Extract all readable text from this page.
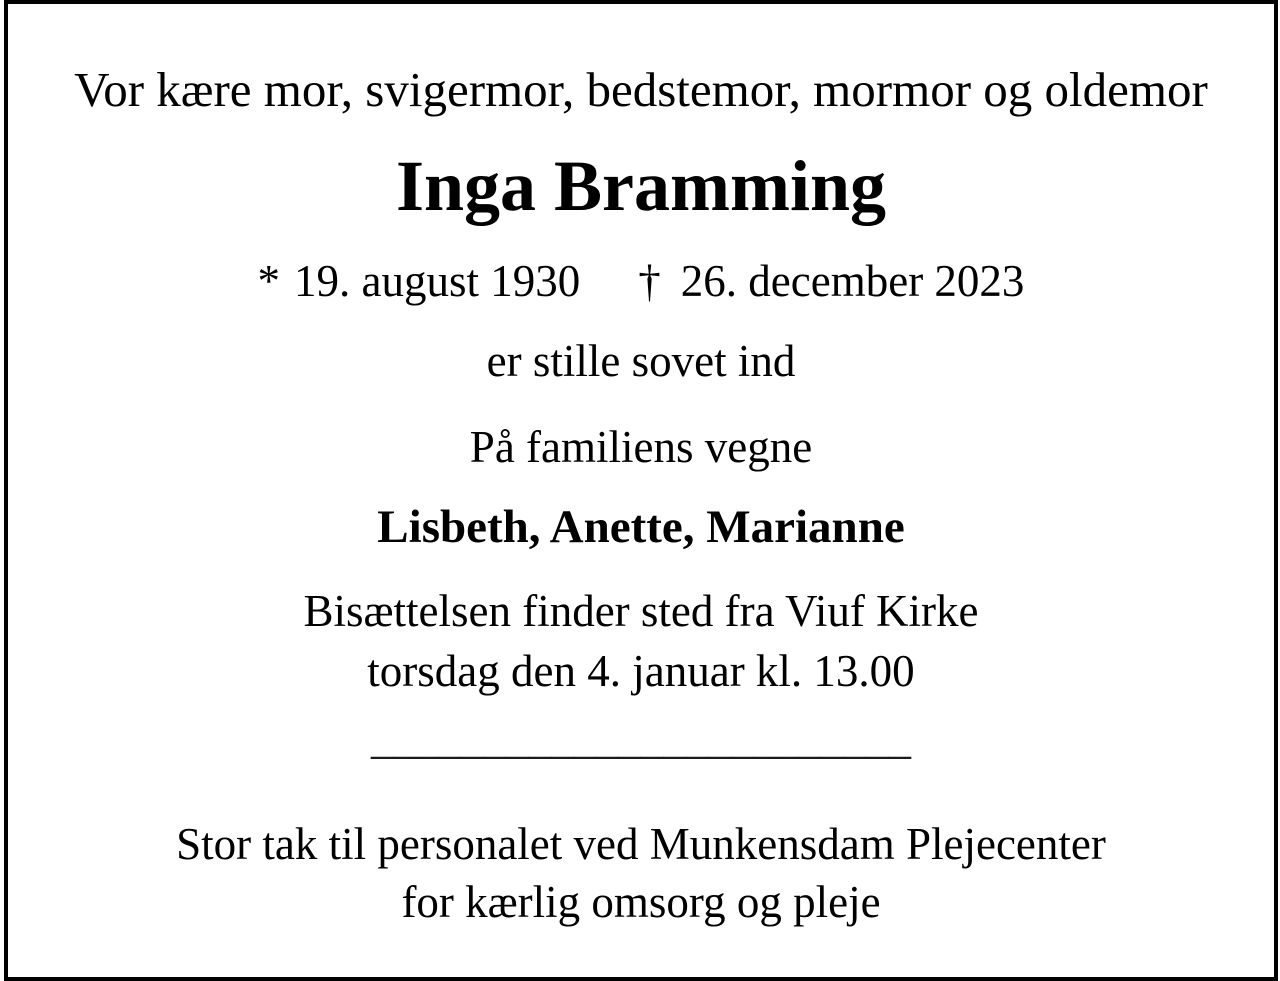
Vor kære mor, svigermor, bedstemor, mormor og oldemor
Inga Bramming
* 19. august 1930 † 26. december 2023
er stille sovet ind
På familiens vegne
Lisbeth, Anette, Marianne
Bisættelsen finder sted fra Viuf Kirke
torsdag den 4. januar kl. 13.00
________________________
Stor tak til personalet ved Munkensdam Plejecenter
for kærlig omsorg og pleje
